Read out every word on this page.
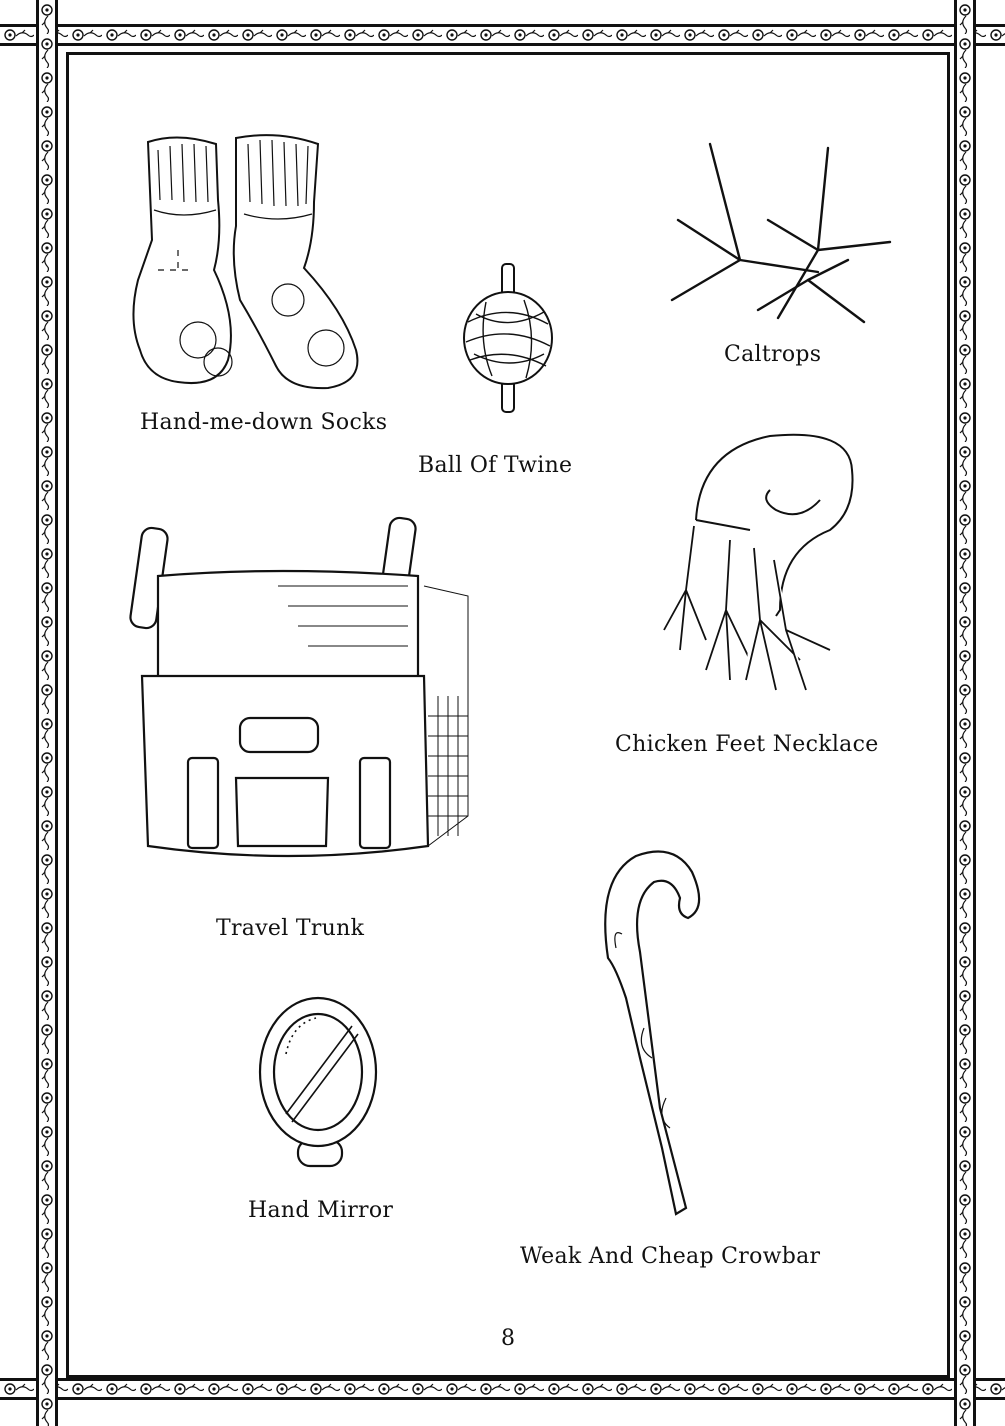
Hand-me-down Socks
Ball Of Twine
Caltrops
Travel Trunk
Chicken Feet Necklace
Hand Mirror
Weak And Cheap Crowbar
8
